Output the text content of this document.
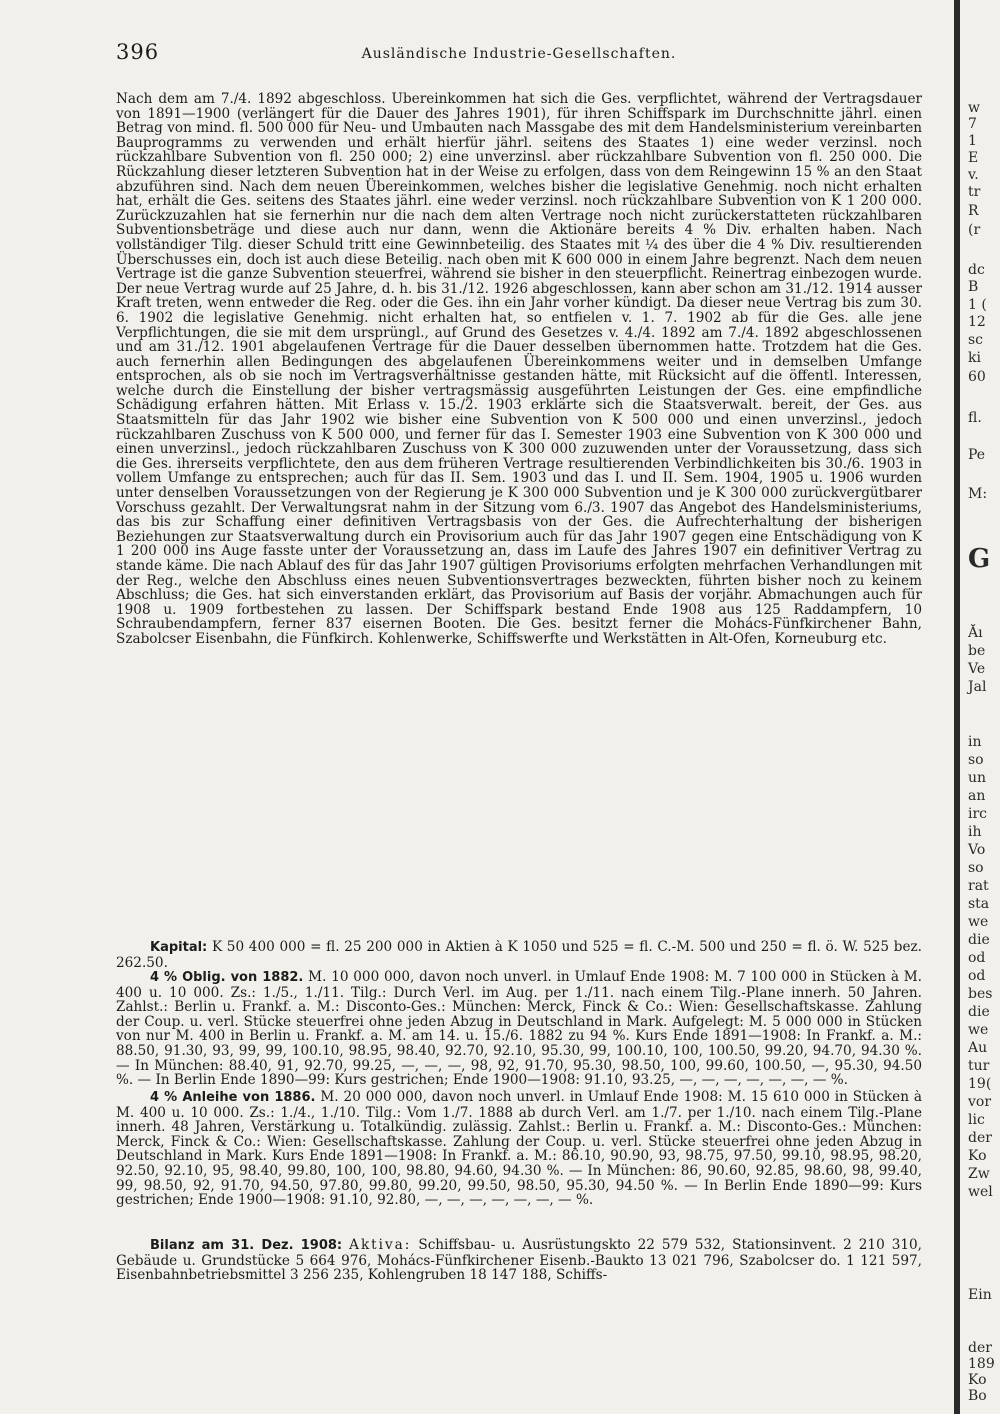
396	Ausländische Industrie-Gesellschaften.

Nach dem am 7./4. 1892 abgeschloss. Übereinkommen hat sich die Ges. verpflichtet, während der Vertragsdauer von 1891—1900 (verlängert für die Dauer des Jahres 1901), für ihren Schiffspark im Durchschnitte jährl. einen Betrag von mind. fl. 500 000 für Neu- und Umbauten nach Massgabe des mit dem Handelsministerium vereinbarten Bauprogramms zu verwenden und erhält hierfür jährl. seitens des Staates 1) eine weder verzinsl. noch rückzahlbare Subvention von fl. 250 000; 2) eine unverzinsl. aber rückzahlbare Subvention von fl. 250 000. Die Rückzahlung dieser letzteren Subvention hat in der Weise zu erfolgen, dass von dem Reingewinn 15 % an den Staat abzuführen sind. Nach dem neuen Übereinkommen, welches bisher die legislative Genehmig. noch nicht erhalten hat, erhält die Ges. seitens des Staates jährl. eine weder verzinsl. noch rückzahlbare Subvention von K 1 200 000. Zurückzuzahlen hat sie fernerhin nur die nach dem alten Vertrage noch nicht zurückerstatteten rückzahlbaren Subventionsbeträge und diese auch nur dann, wenn die Aktionäre bereits 4 % Div. erhalten haben. Nach vollständiger Tilg. dieser Schuld tritt eine Gewinnbeteilig. des Staates mit ¼ des über die 4 % Div. resultierenden Überschusses ein, doch ist auch diese Beteilig. nach oben mit K 600 000 in einem Jahre begrenzt. Nach dem neuen Vertrage ist die ganze Subvention steuerfrei, während sie bisher in den steuerpflicht. Reinertrag einbezogen wurde. Der neue Vertrag wurde auf 25 Jahre, d. h. bis 31./12. 1926 abgeschlossen, kann aber schon am 31./12. 1914 ausser Kraft treten, wenn entweder die Reg. oder die Ges. ihn ein Jahr vorher kündigt. Da dieser neue Vertrag bis zum 30. 6. 1902 die legislative Genehmig. nicht erhalten hat, so entfielen v. 1. 7. 1902 ab für die Ges. alle jene Verpflichtungen, die sie mit dem ursprüngl., auf Grund des Gesetzes v. 4./4. 1892 am 7./4. 1892 abgeschlossenen und am 31./12. 1901 abgelaufenen Vertrage für die Dauer desselben übernommen hatte. Trotzdem hat die Ges. auch fernerhin allen Bedingungen des abgelaufenen Übereinkommens weiter und in demselben Umfange entsprochen, als ob sie noch im Vertragsverhältnisse gestanden hätte, mit Rücksicht auf die öffentl. Interessen, welche durch die Einstellung der bisher vertragsmässig ausgeführten Leistungen der Ges. eine empfindliche Schädigung erfahren hätten. Mit Erlass v. 15./2. 1903 erklärte sich die Staatsverwalt. bereit, der Ges. aus Staatsmitteln für das Jahr 1902 wie bisher eine Subvention von K 500 000 und einen unverzinsl., jedoch rückzahlbaren Zuschuss von K 500 000, und ferner für das I. Semester 1903 eine Subvention von K 300 000 und einen unverzinsl., jedoch rückzahlbaren Zuschuss von K 300 000 zuzuwenden unter der Voraussetzung, dass sich die Ges. ihrerseits verpflichtete, den aus dem früheren Vertrage resultierenden Verbindlichkeiten bis 30./6. 1903 in vollem Umfange zu entsprechen; auch für das II. Sem. 1903 und das I. und II. Sem. 1904, 1905 u. 1906 wurden unter denselben Voraussetzungen von der Regierung je K 300 000 Subvention und je K 300 000 zurückvergütbarer Vorschuss gezahlt. Der Verwaltungsrat nahm in der Sitzung vom 6./3. 1907 das Angebot des Handelsministeriums, das bis zur Schaffung einer definitiven Vertragsbasis von der Ges. die Aufrechterhaltung der bisherigen Beziehungen zur Staatsverwaltung durch ein Provisorium auch für das Jahr 1907 gegen eine Entschädigung von K 1 200 000 ins Auge fasste unter der Voraussetzung an, dass im Laufe des Jahres 1907 ein definitiver Vertrag zu stande käme. Die nach Ablauf des für das Jahr 1907 gültigen Provisoriums erfolgten mehrfachen Verhandlungen mit der Reg., welche den Abschluss eines neuen Subventionsvertrages bezweckten, führten bisher noch zu keinem Abschluss; die Ges. hat sich einverstanden erklärt, das Provisorium auf Basis der vorjähr. Abmachungen auch für 1908 u. 1909 fortbestehen zu lassen. Der Schiffspark bestand Ende 1908 aus 125 Raddampfern, 10 Schraubendampfern, ferner 837 eisernen Booten. Die Ges. besitzt ferner die Mohács-Fünfkirchener Bahn, Szabolcser Eisenbahn, die Fünfkirch. Kohlenwerke, Schiffswerfte und Werkstätten in Alt-Ofen, Korneuburg etc.

Kapital: K 50 400 000 = fl. 25 200 000 in Aktien à K 1050 und 525 = fl. C.-M. 500 und 250 = fl. ö. W. 525 bez. 262.50.

4 % Oblig. von 1882. M. 10 000 000, davon noch unverl. in Umlauf Ende 1908: M. 7 100 000 in Stücken à M. 400 u. 10 000. Zs.: 1./5., 1./11. Tilg.: Durch Verl. im Aug. per 1./11. nach einem Tilg.-Plane innerh. 50 Jahren. Zahlst.: Berlin u. Frankf. a. M.: Disconto-Ges.: München: Merck, Finck & Co.: Wien: Gesellschaftskasse. Zahlung der Coup. u. verl. Stücke steuerfrei ohne jeden Abzug in Deutschland in Mark. Aufgelegt: M. 5 000 000 in Stücken von nur M. 400 in Berlin u. Frankf. a. M. am 14. u. 15./6. 1882 zu 94 %. Kurs Ende 1891—1908: In Frankf. a. M.: 88.50, 91.30, 93, 99, 99, 100.10, 98.95, 98.40, 92.70, 92.10, 95.30, 99, 100.10, 100, 100.50, 99.20, 94.70, 94.30 %. — In München: 88.40, 91, 92.70, 99.25, —, —, —, 98, 92, 91.70, 95.30, 98.50, 100, 99.60, 100.50, —, 95.30, 94.50 %. — In Berlin Ende 1890—99: Kurs gestrichen; Ende 1900—1908: 91.10, 93.25, —, —, —, —, —, —, — %.

4 % Anleihe von 1886. M. 20 000 000, davon noch unverl. in Umlauf Ende 1908: M. 15 610 000 in Stücken à M. 400 u. 10 000. Zs.: 1./4., 1./10. Tilg.: Vom 1./7. 1888 ab durch Verl. am 1./7. per 1./10. nach einem Tilg.-Plane innerh. 48 Jahren, Verstärkung u. Totalkündig. zulässig. Zahlst.: Berlin u. Frankf. a. M.: Disconto-Ges.: München: Merck, Finck & Co.: Wien: Gesellschaftskasse. Zahlung der Coup. u. verl. Stücke steuerfrei ohne jeden Abzug in Deutschland in Mark. Kurs Ende 1891—1908: In Frankf. a. M.: 86.10, 90.90, 93, 98.75, 97.50, 99.10, 98.95, 98.20, 92.50, 92.10, 95, 98.40, 99.80, 100, 100, 98.80, 94.60, 94.30 %. — In München: 86, 90.60, 92.85, 98.60, 98, 99.40, 99, 98.50, 92, 91.70, 94.50, 97.80, 99.80, 99.20, 99.50, 98.50, 95.30, 94.50 %. — In Berlin Ende 1890—99: Kurs gestrichen; Ende 1900—1908: 91.10, 92.80, —, —, —, —, —, —, — %.

Bilanz am 31. Dez. 1908: Aktiva: Schiffsbau- u. Ausrüstungskto 22 579 532, Stationsinvent. 2 210 310, Gebäude u. Grundstücke 5 664 976, Mohács-Fünfkirchener Eisenb.-Baukto 13 021 796, Szabolcser do. 1 121 597, Eisenbahnbetriebsmittel 3 256 235, Kohlengruben 18 147 188, Schiffs-

w
7
1
E
v.
tr
R
(r
dc
B
1 (
12
sc
ki
60
fl.
Pe
M:
G
Ăı
be
Ve
Jal
in
so
un
an
irc
ih
Vo
so
rat
sta
we
die
od
od
bes
die
we
Au
tur
19(
vor
lic
der
Ko
Zw
wel
Ein
der
189
Ko
Bo
